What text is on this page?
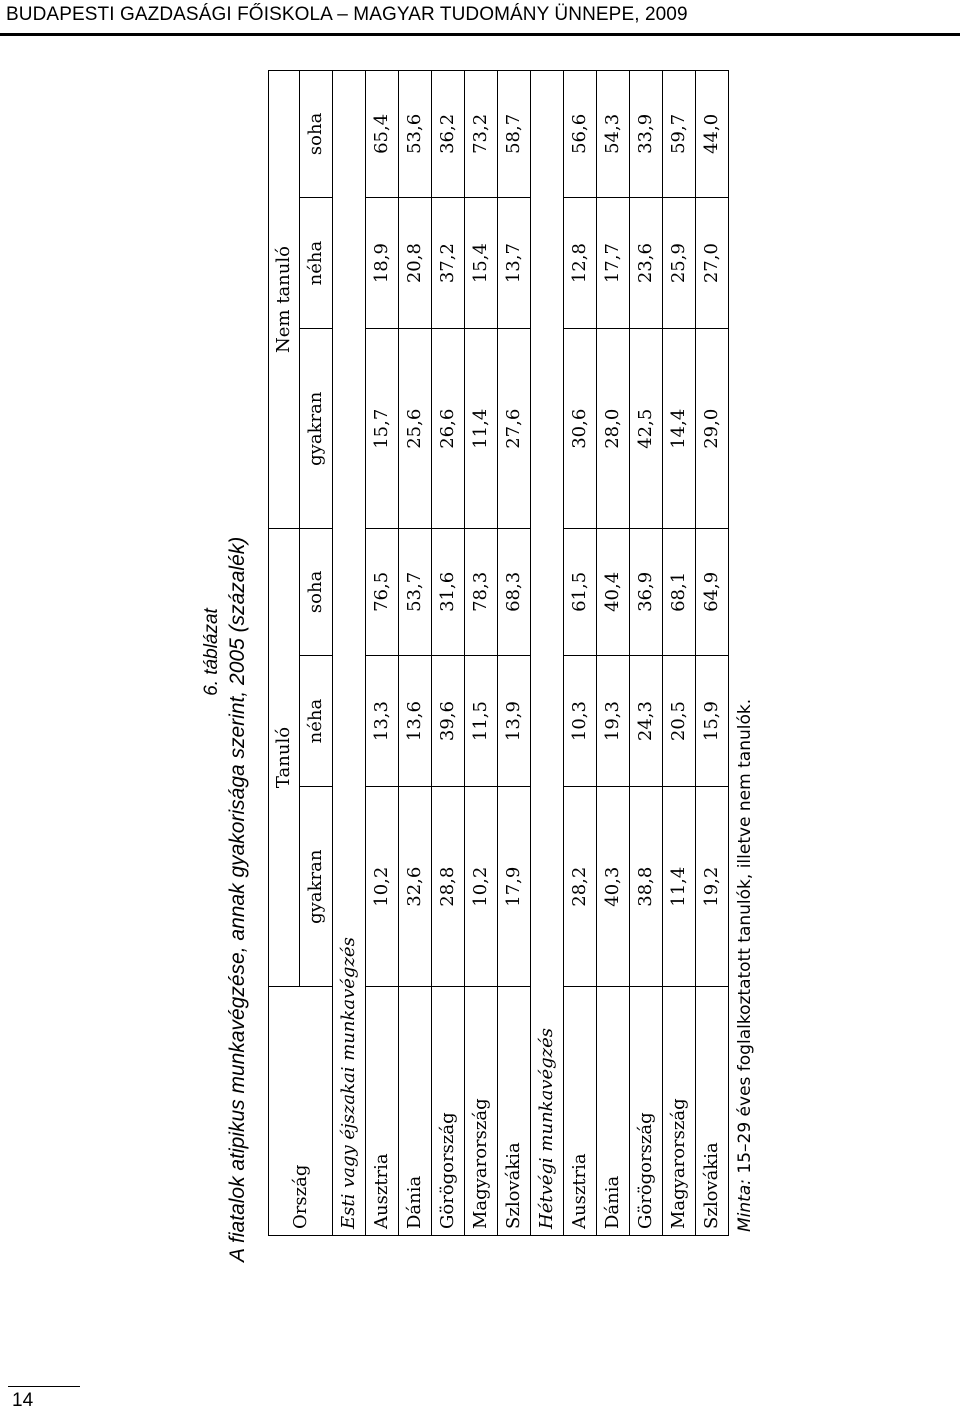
BUDAPESTI GAZDASÁGI FŐISKOLA – MAGYAR TUDOMÁNY ÜNNEPE, 2009
6. táblázat A fiatalok atipikus munkavégzése, annak gyakorisága szerint, 2005 (százalék)	Ország	Tanuló			Nem tanuló		
	gyakran	néha	soha	gyakran	néha	soha
Esti vagy éjszakai munkavégzés						
Ausztria	10,2	13,3	76,5	15,7	18,9	65,4
Dánia	32,6	13,6	53,7	25,6	20,8	53,6
Görögország	28,8	39,6	31,6	26,6	37,2	36,2
Magyarország	10,2	11,5	78,3	11,4	15,4	73,2
Szlovákia	17,9	13,9	68,3	27,6	13,7	58,7
Hétvégi munkavégzés						
Ausztria	28,2	10,3	61,5	30,6	12,8	56,6
Dánia	40,3	19,3	40,4	28,0	17,7	54,3
Görögország	38,8	24,3	36,9	42,5	23,6	33,9
Magyarország	11,4	20,5	68,1	14,4	25,9	59,7
Szlovákia	19,2	15,9	64,9	29,0	27,0	44,0
Minta: 15–29 éves foglalkoztatott tanulók, illetve nem tanulók.
14
